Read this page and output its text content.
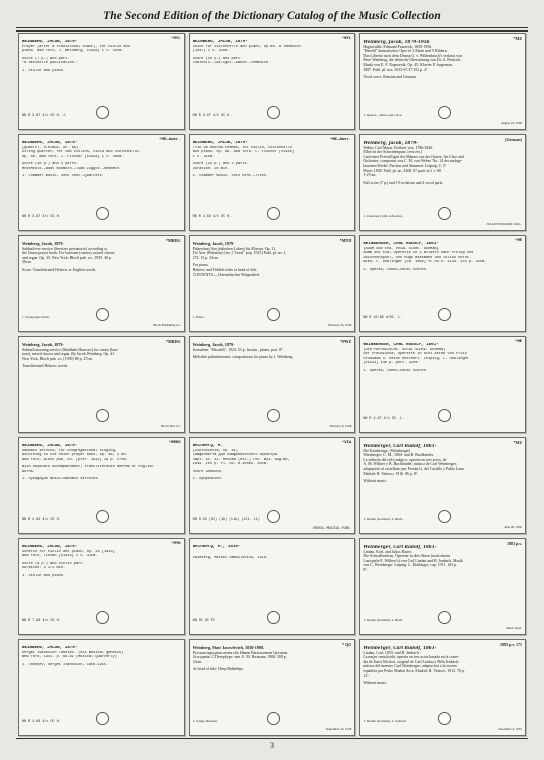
The Second Edition of the Dictionary Catalog of the Music Collection
*MYL
WEINBERG, JACOB, 1879-
Prayer (after a traditional chant), for violin and
piano. New York, J. Weinberg, c1938] 1 v. 31cm.
Score (7 p.) and part.
"A devinelle publication."
1. Violin and piano.
NN R 3.67 4/c OC H. J.
*MYL
WEINBERG, JACOB, 1879-
Suite for violoncello and piano, op.88. A Yemenite.
[1937] 1 v. 31cm.
Score (10 p.) and part.
CONTENTS.—Twilight.—Dance.—Yemenite.
NN R 3.67 4/c OC H.
*MZ
Weinberg, Jacob, 1879-1956
Hagravulah, Edmund Frazerich, 1830-1956.
"Harold" dramatischer Oper in 3 Akten und 9 Bildern.
Das Libretto nach dem Drama G. v. Wildenbruch's verfasst von
Peter Weinberg, die deutsche Übersetzung von Dr. A. Pentrich.
Musik von E. F. Napravnik. Op. 45. Klavier P. Jurgenson,
1887. Publ. pl. nos. 6535-67.37 352 p. 4°.
Vocal score. Russian and German.
1. Operas—Piano and voice.
August 23, 1938
*ME—Amer.
WEINBERG, JACOB, 1879-
[QUARTET, STRINGS, OP. 66]
String quartet, for two violins, viola and violoncello,
op. 66. New York, C. Fischer [c1938] 1 v. 30cm.
Score (30 p.) and 4 parts.
MOVEMENTS.—Boat Kodmoth.—Tuam Ziggot.—Kesmeth.
1. Chamber music, 20th cent.—Quartets.
NN R 3.67 4/c OC H.
*ME—Amer.
WEINBERG, JACOB, 1879-
Trio on Hebrew themes, for violin, violoncello
and piano, op. 86. New York, C. Fischer [c1940]
1 v. 31cm.
Score (19 p.) and 2 parts.
Duration: 20 min.
1. Chamber music, 20th cent.—Trios.
NN R 3.64 4/c OC H.
(German)
Weinberg, Jacob, 1879-
Weber, Carl Maria, Freiherr von, 1786-1826.
Elbel ist der Schwedenpaar. [erst ers.]
Lied einer Freiwilligen der Männer aus der Ostsee, für Chor und
Orchester, componirt von C. M. von Weber. No. 14 der nachge-
lassenen Werke. Partitur und Stimmen. Leipzig: C. F.
Peters 1858. Publ. pl. no. 4308. 67 parts in 1 v. 88
1-27cm.
Full score (7 p.) and 19 orchestra and 4 vocal parts.
1. Choruses (with orchestra).
JULIAN EDWARD COLL.
*MRDG
Weinberg, Jacob, 1879-
Sabbath eve service (Servizio prestatorio) according to
the Union prayer book. For baritone (cantor), mixed chorus
and organ. Op. 35. New York: Bloch pub. co., 1935. 40 p.
30cm.
Score. Transliterated Hebrew or English words.
1. Synagogue music.
Bloch Publishing Co.
*MYD
Weinberg, Jacob, 1879-
Palaestina (Aus jüdischen Leben) für Klavier. Op. 11.
Tel Aviv (Palestine) [etc.] "Juval" pop. 1925] Publ. pl. no. J.
272. 15 p. 32cm.
For piano.
Hebrew and Yiddish titles at head of title.
CONTENTS.—Orientalisches Wiegenlied.
1. Piano.
February 25, 1938
*ME
WEINBERGER, CARL RUDOLF, 1861-
[ADAM UND EVA. VOCAL SCORE. GERMAN]
Adam und Eva; Operette in 3 Bildern nach Prolog und
Zwischenspiel, von Hugo Wiesmann und Julius Horst.
Wien, L. Doblinger [ca. 1898] PL.no.D. 2134. 121 p. 33cm.
1. Operas, Comic—Vocal scores.
NN R 10.68 d/OC. L.
*MRDG
Weinberg, Jacob, 1879-
Sabbath morning service (Shabbath Haavoto) for cantor (bari-
tone), mixed chorus and organ. By Jacob Weinberg. Op. 41.
New York, Bloch pub. co. [1939] 80 p. 27cm.
Transliterated Hebrew words.
Bloch Pub. Co.
*PWZ
Weinberg, Jacob, 1879-
Jerusalem: "Hasuleh", 1924. 53 p. facsim., plates, port. 8°.
Mélodies palestiniennes; compositions for piano by J. Weinberg.
February 8, 1928
*ME
WEINBERGER, CARL RUDOLF, 1861-
[DER PREUSSISCHE. VOCAL SCORE. GERMAN]
Der Preußische, Operette in drei Akten von Fritz
Grünbaum u. Heinz Reichert. Leipzig, L. Doblinger
[c1913] 140 p. port. 32cm.
1. Operas, Comic—Vocal scores.
NN R 4.67 4/c OC. L.
*MRDG
WEINBERG, JACOB, 1879-
Sabbath service, for congregational singing,
according to the Union prayer book, op. 48, 2 ed.
New York, Bloch pub. co. [pref. 1942] 39 p. 27cm.
With keyboard accompaniment; transliterated Hebrew or English
words.
1. Synagogue music—Sabbath services.
NN R 2.63 4/c OC H.
*VIA
Weinberg, M.
[Sinfonietta, op. 41]
Симфониетта для симфонического оркестра.
Парт. Gt. 41. Москва (etc.) Гос. муз. изд-во,
1949. 101 p. Pl. no. M.10005. 30cm.
Score unbound.
1. Symphonies.
NN S.55 (OC) (1b) (Lib) (LC1. L1)
DREXEL MUSICAL FUND.
*MZ
Weinberger, Carl Rudolf, 1861-
Die Kindersäge. (Weinberger)
Weinberger, C. M., 1864- and B. Buchbinder.
La señorita del reloj mágico; opereta en tres actos, de
A. M. Willner y B. Buchbinder; música de Carl Weinberger;
adaptación al castellano por Fernán G. del Castillo y Pablo Luna.
Madrid: R. Velasco, 1916. 86 p. 8°.
Without music.
1. Drama (German). 2. Buch-
June 28, 1936
*MYK
WEINBERG, JACOB, 1879-
Scherzo for violin and piano, op. 34 [1933]
New York, Tikvah [c1933] 1 v. 31cm.
Score (8 p.) and violin part.
Duration: 4 1/2 min.
1. Violin and piano.
NN R 7.66 4/c OC H.
Weinberg, M., 1919-
Vaïnberg, Moïseï Samuilovich, 1919-
NN OC OC PC
1883 p.v.
Weinberger, Carl Rudolf, 1861-
Lindau, Karl, and Julius Bauer.
Die Schwalbenfrau. Operette in drei Akten (nach einem
Lustspiele E. Wilbert's) von Carl Lindau und B. Jenbach. Musik
von C. Weinberger. Leipzig: L. Doblinger, cop. 1911. 103 p.
8°.
1. Drama (German). 2. Buch-
Music Dept.
WEINBERG, JACOB, 1879-
Sergei Ivanovich Taneiev. (His musical genesis)
New York, 1941. p. 68-82 (Musical Quarterly)
1. Taneyev, Sergei Ivanovich, 1856-1915.
NN R 4.66 4/c OC H.
* QG
Weinberg, Piotr Jacovlevich, 1830-1908.
Русская народная песня обо Иване Васильевиче Грозном.
2e изданія. С.Петербург: тип. Е. М. Волкова, 1906. 208 p.
23cm.
At head of title: Петр Вейнберг.
1. Songs, Russian.
September 20, 1938
1883 p.v. 171
Weinberger, Carl Rudolf, 1861-
Lindau, Carl, 1853- and B. Jenbach.
La mujer remolcada; opereta en tres actos basada en la come-
dia de Ernst Wichert, original de Carl Lindau y Béla Jenbach;
música del maestro Carl Weinberger; adaptación a la escena
española por Pedro Muñoz Seca. Madrid: R. Velasco, 1912. 76 p.
12°.
Without music.
1. Drama (German). 2. Jenbach
December 4, 1935
3
